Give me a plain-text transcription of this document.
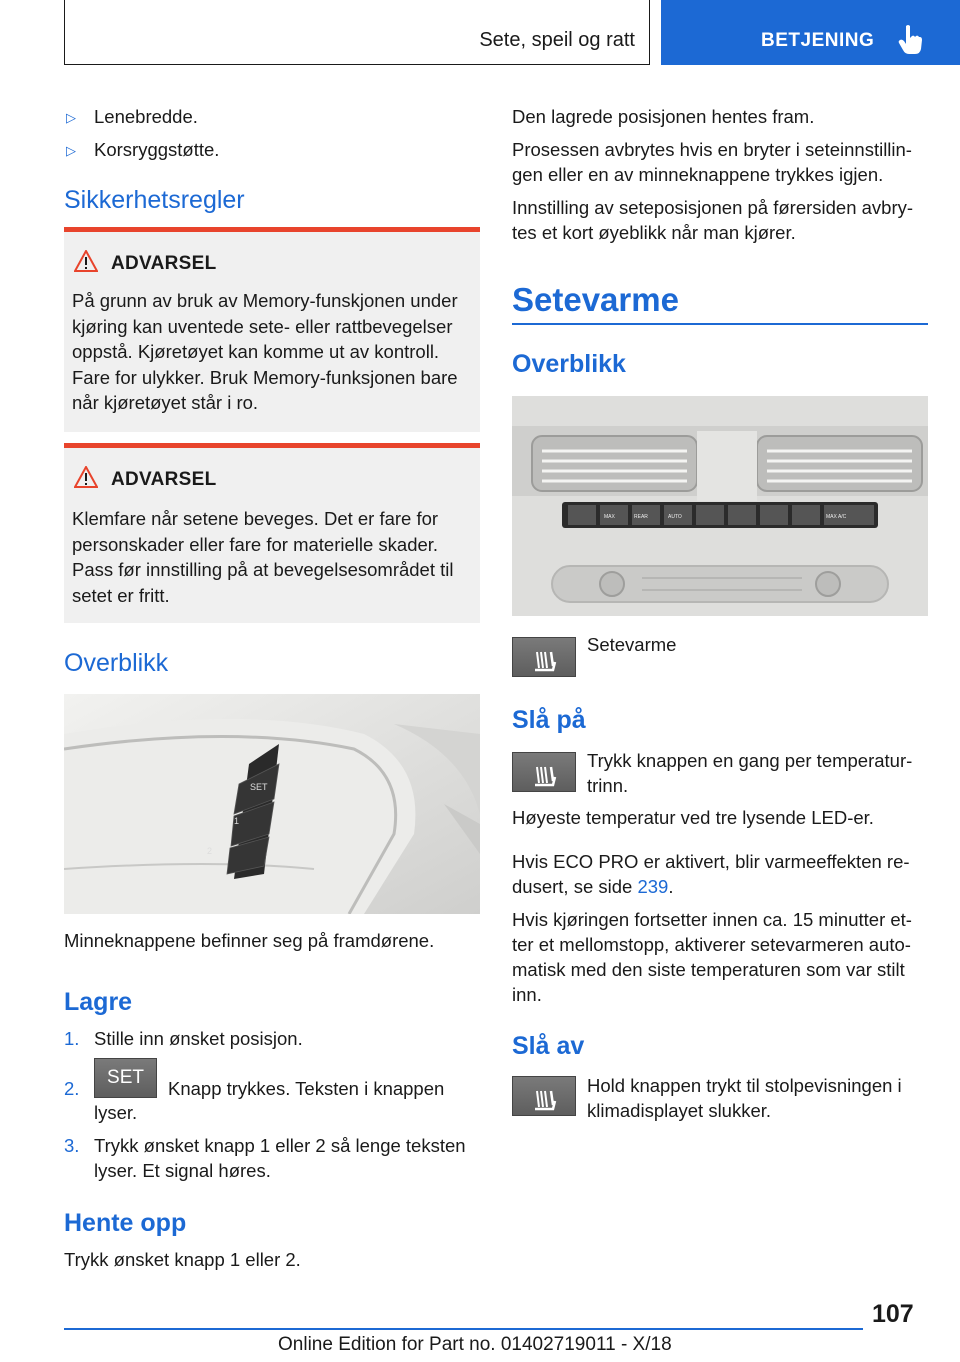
Sete, speil og ratt	BETJENING
▷ Lenebredde.
▷ Korsryggstøtte.
Sikkerhetsregler
ADVARSEL
På grunn av bruk av Memory-funskjonen under
kjøring kan uventede sete- eller rattbevegelser
oppstå. Kjøretøyet kan komme ut av kontroll.
Fare for ulykker. Bruk Memory-funksjonen bare
når kjøretøyet står i ro.
ADVARSEL
Klemfare når setene beveges. Det er fare for
personskader eller fare for materielle skader.
Pass før innstilling på at bevegelsesområdet til
setet er fritt.
Overblikk
SET
1
2
Minneknappene befinner seg på framdørene.
Lagre
1. Stille inn ønsket posisjon.
2.
SET
Knapp trykkes. Teksten i knappen
lyser.
3. Trykk ønsket knapp 1 eller 2 så lenge teksten
lyser. Et signal høres.
Hente opp
Trykk ønsket knapp 1 eller 2.
Den lagrede posisjonen hentes fram.
Prosessen avbrytes hvis en bryter i seteinnstillin-
gen eller en av minneknappene trykkes igjen.
Innstilling av seteposisjonen på førersiden avbry-
tes et kort øyeblikk når man kjører.
Setevarme
Overblikk
MAX	REAR	AUTO	MAX A/C
Setevarme
Slå på
Trykk knappen en gang per temperatur-
trinn.
Høyeste temperatur ved tre lysende LED-er.
Hvis ECO PRO er aktivert, blir varmeeffekten re-
dusert, se side 239.
Hvis kjøringen fortsetter innen ca. 15 minutter et-
ter et mellomstopp, aktiverer setevarmeren auto-
matisk med den siste temperaturen som var stilt
inn.
Slå av
Hold knappen trykt til stolpevisningen i
klimadisplayet slukker.
107
Online Edition for Part no. 01402719011 - X/18
